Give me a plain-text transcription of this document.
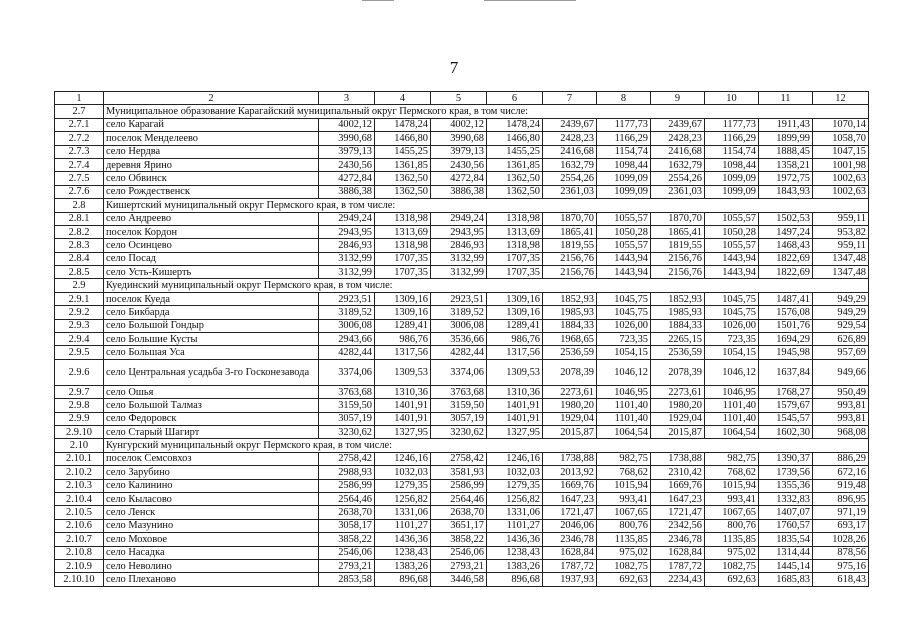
7
1	2	3	4	5	6	7	8	9	10	11	12
2.7	Муниципальное образование Карагайский муниципальный округ Пермского края, в том числе:										
2.7.1	село Карагай	4002,12	1478,24	4002,12	1478,24	2439,67	1177,73	2439,67	1177,73	1911,43	1070,14
2.7.2	поселок Менделеево	3990,68	1466,80	3990,68	1466,80	2428,23	1166,29	2428,23	1166,29	1899,99	1058,70
2.7.3	село Нердва	3979,13	1455,25	3979,13	1455,25	2416,68	1154,74	2416,68	1154,74	1888,45	1047,15
2.7.4	деревня Ярино	2430,56	1361,85	2430,56	1361,85	1632,79	1098,44	1632,79	1098,44	1358,21	1001,98
2.7.5	село Обвинск	4272,84	1362,50	4272,84	1362,50	2554,26	1099,09	2554,26	1099,09	1972,75	1002,63
2.7.6	село Рождественск	3886,38	1362,50	3886,38	1362,50	2361,03	1099,09	2361,03	1099,09	1843,93	1002,63
2.8	Кишертский муниципальный округ Пермского края, в том числе:										
2.8.1	село Андреево	2949,24	1318,98	2949,24	1318,98	1870,70	1055,57	1870,70	1055,57	1502,53	959,11
2.8.2	поселок Кордон	2943,95	1313,69	2943,95	1313,69	1865,41	1050,28	1865,41	1050,28	1497,24	953,82
2.8.3	село Осинцево	2846,93	1318,98	2846,93	1318,98	1819,55	1055,57	1819,55	1055,57	1468,43	959,11
2.8.4	село Посад	3132,99	1707,35	3132,99	1707,35	2156,76	1443,94	2156,76	1443,94	1822,69	1347,48
2.8.5	село Усть-Кишерть	3132,99	1707,35	3132,99	1707,35	2156,76	1443,94	2156,76	1443,94	1822,69	1347,48
2.9	Куединский муниципальный округ Пермского края, в том числе:										
2.9.1	поселок Куеда	2923,51	1309,16	2923,51	1309,16	1852,93	1045,75	1852,93	1045,75	1487,41	949,29
2.9.2	село Бикбарда	3189,52	1309,16	3189,52	1309,16	1985,93	1045,75	1985,93	1045,75	1576,08	949,29
2.9.3	село Большой Гондыр	3006,08	1289,41	3006,08	1289,41	1884,33	1026,00	1884,33	1026,00	1501,76	929,54
2.9.4	село Большие Кусты	2943,66	986,76	3536,66	986,76	1968,65	723,35	2265,15	723,35	1694,29	626,89
2.9.5	село Большая Уса	4282,44	1317,56	4282,44	1317,56	2536,59	1054,15	2536,59	1054,15	1945,98	957,69
2.9.6	село Центральная усадьба 3-го Госконезавода	3374,06	1309,53	3374,06	1309,53	2078,39	1046,12	2078,39	1046,12	1637,84	949,66
2.9.7	село Ошья	3763,68	1310,36	3763,68	1310,36	2273,61	1046,95	2273,61	1046,95	1768,27	950,49
2.9.8	село Большой Талмаз	3159,50	1401,91	3159,50	1401,91	1980,20	1101,40	1980,20	1101,40	1579,67	993,81
2.9.9	село Федоровск	3057,19	1401,91	3057,19	1401,91	1929,04	1101,40	1929,04	1101,40	1545,57	993,81
2.9.10	село Старый Шагирт	3230,62	1327,95	3230,62	1327,95	2015,87	1064,54	2015,87	1064,54	1602,30	968,08
2.10	Кунгурский муниципальный округ Пермского края, в том числе:										
2.10.1	поселок Семсовхоз	2758,42	1246,16	2758,42	1246,16	1738,88	982,75	1738,88	982,75	1390,37	886,29
2.10.2	село Зарубино	2988,93	1032,03	3581,93	1032,03	2013,92	768,62	2310,42	768,62	1739,56	672,16
2.10.3	село Калинино	2586,99	1279,35	2586,99	1279,35	1669,76	1015,94	1669,76	1015,94	1355,36	919,48
2.10.4	село Кыласово	2564,46	1256,82	2564,46	1256,82	1647,23	993,41	1647,23	993,41	1332,83	896,95
2.10.5	село Ленск	2638,70	1331,06	2638,70	1331,06	1721,47	1067,65	1721,47	1067,65	1407,07	971,19
2.10.6	село Мазунино	3058,17	1101,27	3651,17	1101,27	2046,06	800,76	2342,56	800,76	1760,57	693,17
2.10.7	село Моховое	3858,22	1436,36	3858,22	1436,36	2346,78	1135,85	2346,78	1135,85	1835,54	1028,26
2.10.8	село Насадка	2546,06	1238,43	2546,06	1238,43	1628,84	975,02	1628,84	975,02	1314,44	878,56
2.10.9	село Неволино	2793,21	1383,26	2793,21	1383,26	1787,72	1082,75	1787,72	1082,75	1445,14	975,16
2.10.10	село Плеханово	2853,58	896,68	3446,58	896,68	1937,93	692,63	2234,43	692,63	1685,83	618,43
